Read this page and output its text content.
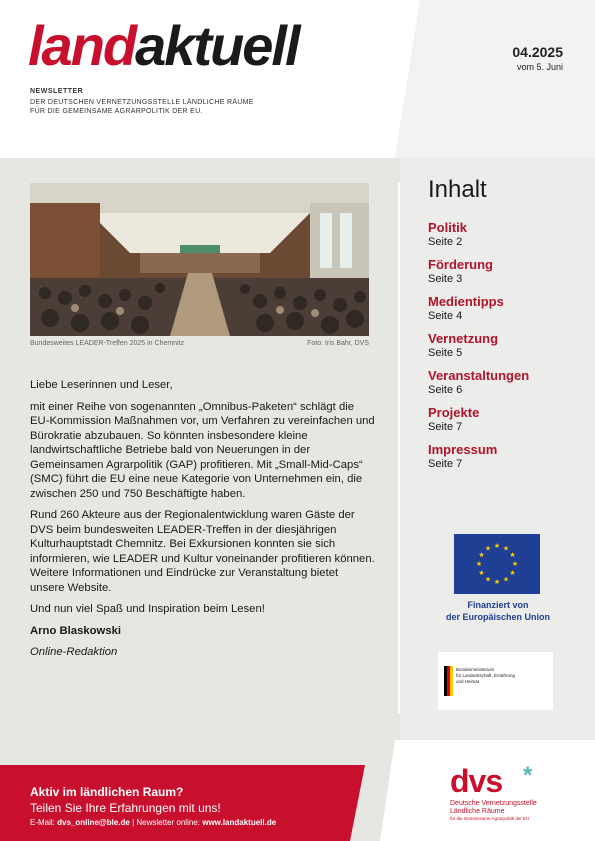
landaktuell
NEWSLETTER
DER DEUTSCHEN VERNETZUNGSSTELLE LÄNDLICHE RÄUME
FÜR DIE GEMEINSAME AGRARPOLITIK DER EU.
04.2025
vom 5. Juni
Bundesweites LEADER-Treffen 2025 in Chemnitz	Foto: Iris Bahr, DVS

Liebe Leserinnen und Leser,

mit einer Reihe von sogenannten „Omnibus-Paketen“ schlägt die EU-Kommission Maßnahmen vor, um Verfahren zu vereinfachen und Bürokratie abzubauen. So könnten insbesondere kleine landwirtschaftliche Betriebe bald von Neuerungen in der Gemeinsamen Agrarpolitik (GAP) profitieren. Mit „Small-Mid-Caps“ (SMC) führt die EU eine neue Kategorie von Unternehmen ein, die zwischen 250 und 750 Beschäftigte haben.

Rund 260 Akteure aus der Regionalentwicklung waren Gäste der DVS beim bundesweiten LEADER-Treffen in der diesjährigen Kulturhauptstadt Chemnitz. Bei Exkursionen konnten sie sich informieren, wie LEADER und Kultur voneinander profitieren können. Weitere Informationen und Eindrücke zur Veranstaltung bietet unsere Website.

Und nun viel Spaß und Inspiration beim Lesen!

Arno Blaskowski

Online-Redaktion

Inhalt
Politik
Seite 2
Förderung
Seite 3
Medientipps
Seite 4
Vernetzung
Seite 5
Veranstaltungen
Seite 6
Projekte
Seite 7
Impressum
Seite 7
★ ★
★
★
★
★
★
★
★
★
★
★
Finanziert von
der Europäischen Union
Bundesministerium
für Landwirtschaft, Ernährung
und Heimat
Aktiv im ländlichen Raum?
Teilen Sie Ihre Erfahrungen mit uns!
E-Mail: dvs_online@ble.de | Newsletter online: www.landaktuell.de
dvs *
Deutsche Vernetzungsstelle
Ländliche Räume
für die Gemeinsame Agrarpolitik der EU
